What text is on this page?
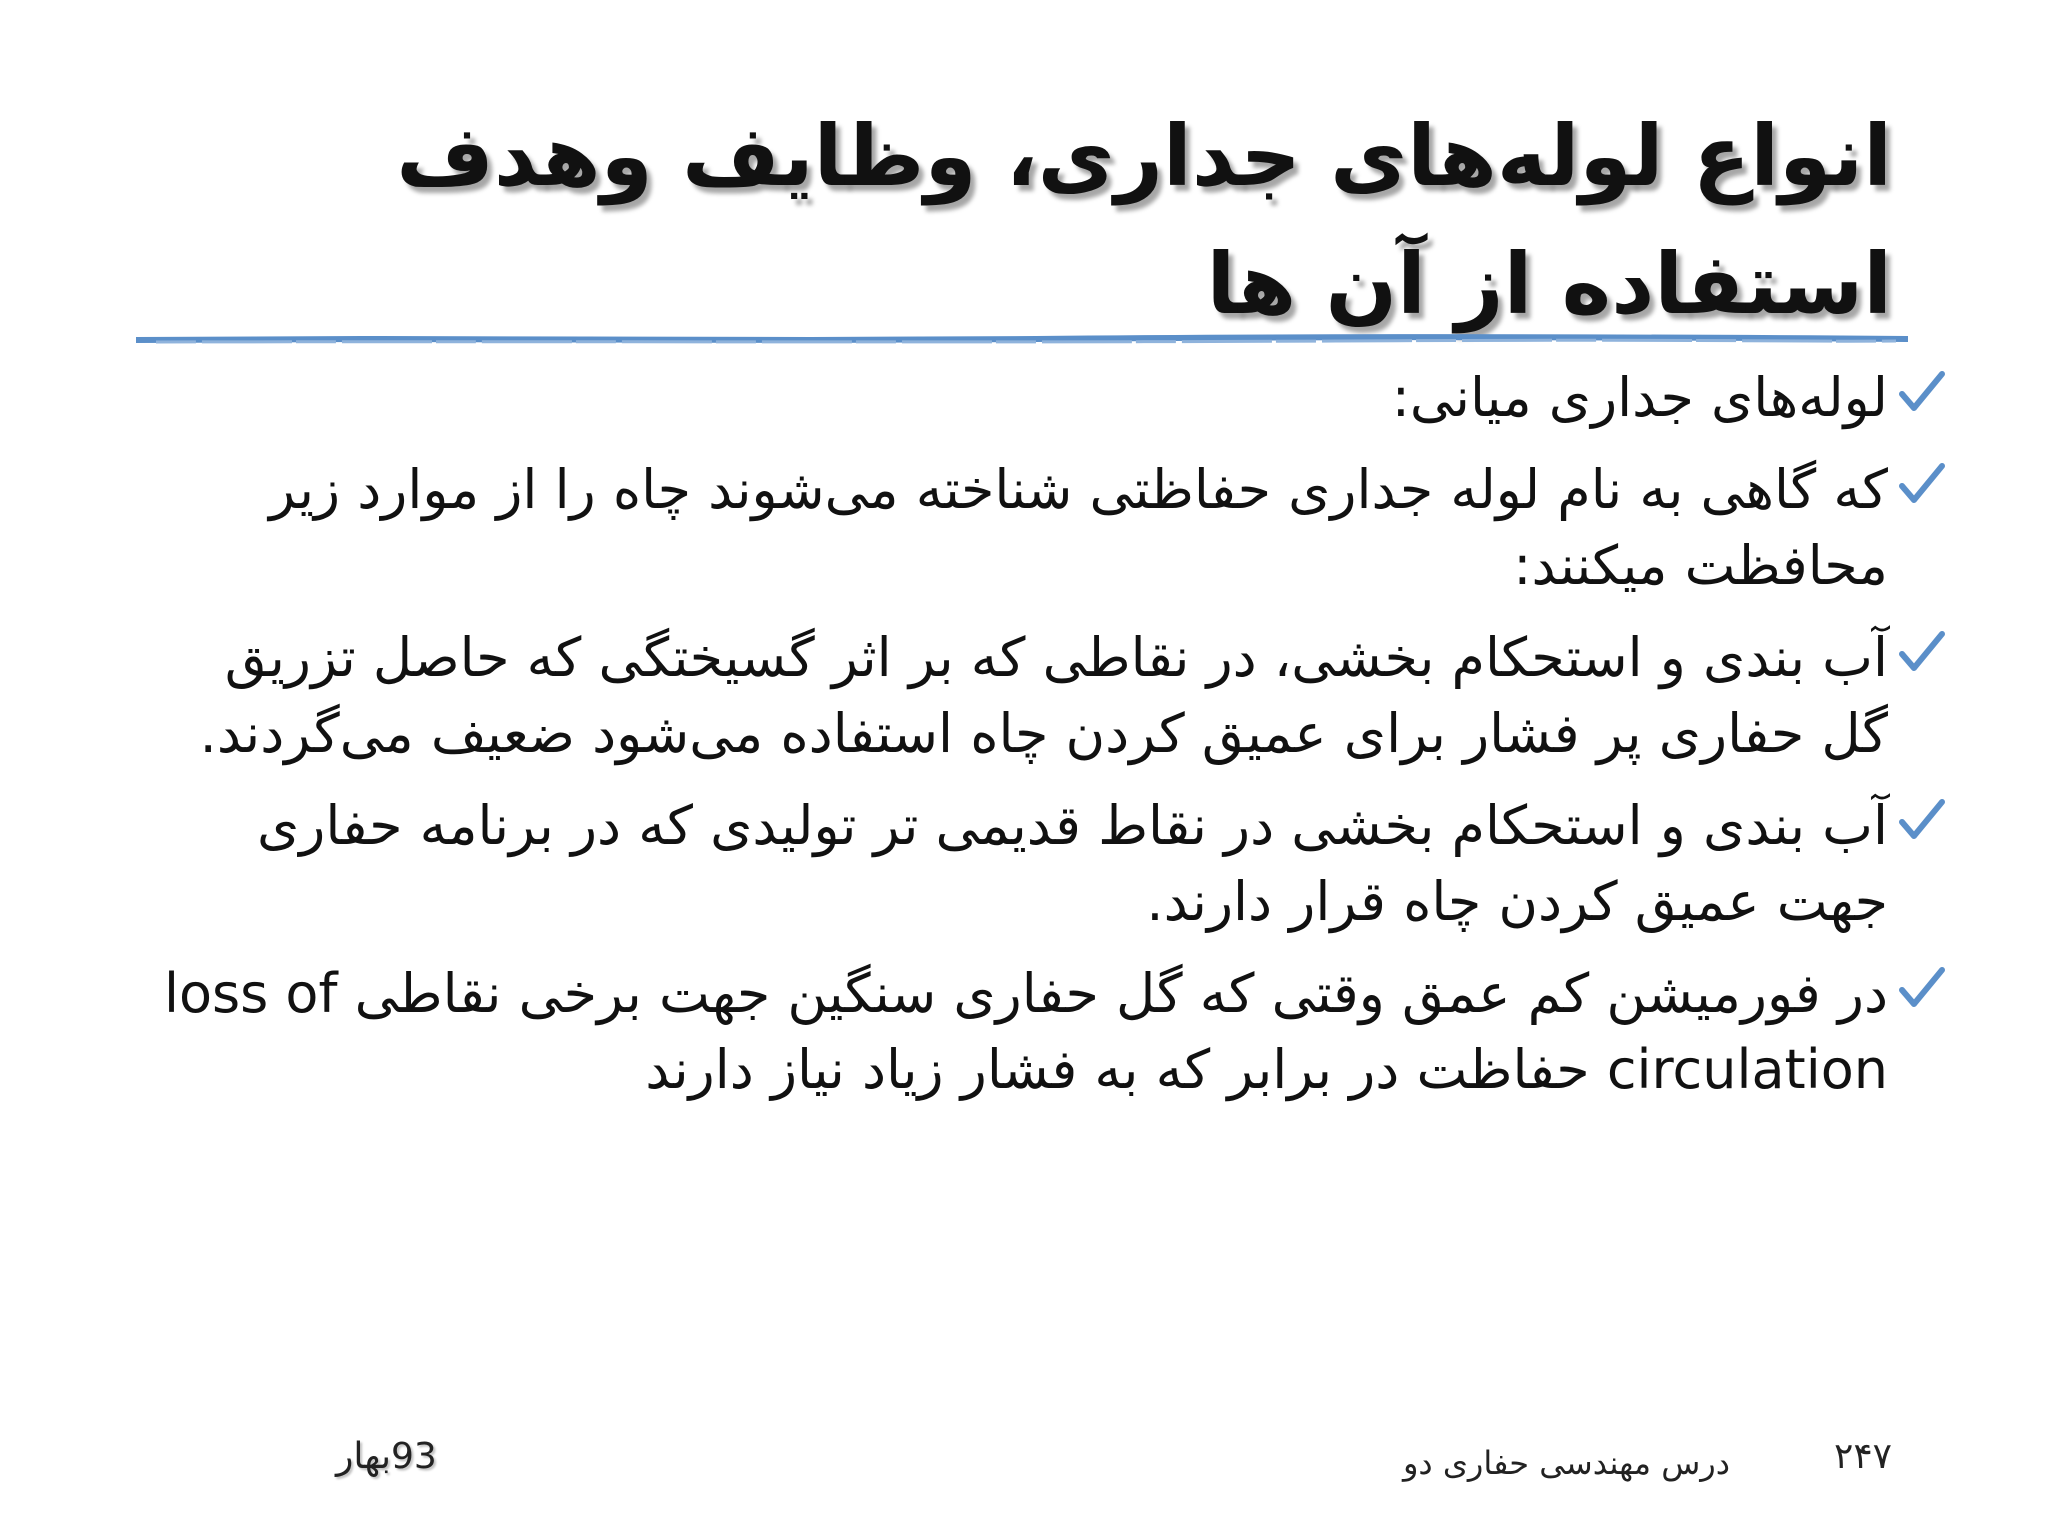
انواع لوله‌های جداری، وظایف وهدف
استفاده از آن ها
لوله‌های جداری میانی:
که گاهی به نام لوله جداری حفاظتی شناخته می‌شوند چاه را از موارد زیر محافظت میکنند:
آب بندی و استحکام بخشی، در نقاطی که بر اثر گسیختگی که حاصل تزریق گل حفاری پر فشار برای عمیق کردن چاه استفاده می‌شود ضعیف می‌گردند.
آب بندی و استحکام بخشی در نقاط قدیمی تر تولیدی که در برنامه حفاری جهت عمیق کردن چاه قرار دارند.
در فورمیشن کم عمق وقتی که گل حفاری سنگین جهت برخی نقاطی loss of circulation حفاظت در برابر که به فشار زیاد نیاز دارند
۲۴۷
درس مهندسی حفاری دو
93بهار
